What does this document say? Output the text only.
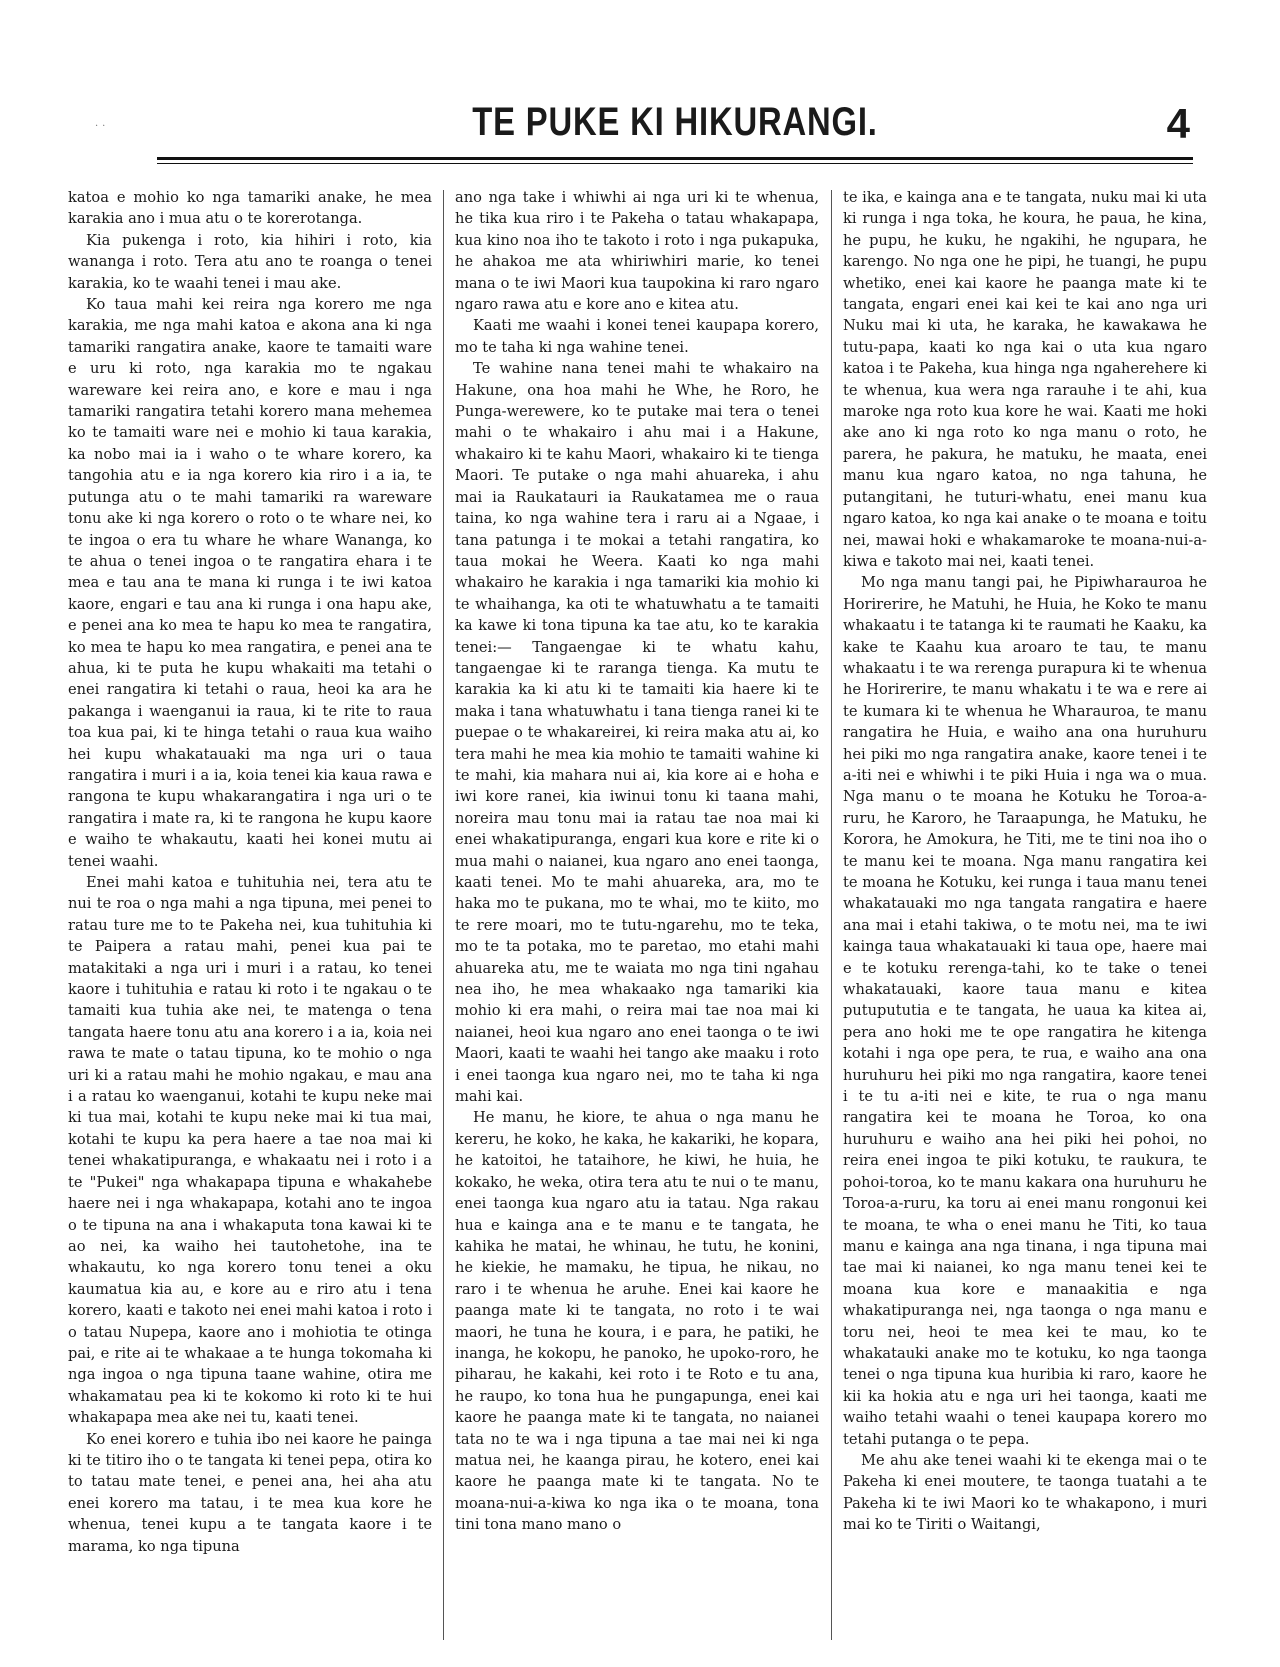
..	TE PUKE KI HIKURANGI.	4

katoa e mohio ko nga tamariki anake, he mea karakia ano i mua atu o te korerotanga.

Kia pukenga i roto, kia hihiri i roto, kia wananga i roto. Tera atu ano te roanga o tenei karakia, ko te waahi tenei i mau ake.

Ko taua mahi kei reira nga korero me nga karakia, me nga mahi katoa e akona ana ki nga tamariki rangatira anake, kaore te tamaiti ware e uru ki roto, nga karakia mo te ngakau wareware kei reira ano, e kore e mau i nga tamariki rangatira tetahi korero mana mehemea ko te tamaiti ware nei e mohio ki taua karakia, ka nobo mai ia i waho o te whare korero, ka tangohia atu e ia nga korero kia riro i a ia, te putunga atu o te mahi tamariki ra wareware tonu ake ki nga korero o roto o te whare nei, ko te ingoa o era tu whare he whare Wananga, ko te ahua o tenei ingoa o te rangatira ehara i te mea e tau ana te mana ki runga i te iwi katoa kaore, engari e tau ana ki runga i ona hapu ake, e penei ana ko mea te hapu ko mea te rangatira, ko mea te hapu ko mea rangatira, e penei ana te ahua, ki te puta he kupu whakaiti ma tetahi o enei rangatira ki tetahi o raua, heoi ka ara he pakanga i waenganui ia raua, ki te rite to raua toa kua pai, ki te hinga tetahi o raua kua waiho hei kupu whakatauaki ma nga uri o taua rangatira i muri i a ia, koia tenei kia kaua rawa e rangona te kupu whakarangatira i nga uri o te rangatira i mate ra, ki te rangona he kupu kaore e waiho te whakautu, kaati hei konei mutu ai tenei waahi.

Enei mahi katoa e tuhituhia nei, tera atu te nui te roa o nga mahi a nga tipuna, mei penei to ratau ture me to te Pakeha nei, kua tuhituhia ki te Paipera a ratau mahi, penei kua pai te matakitaki a nga uri i muri i a ratau, ko tenei kaore i tuhituhia e ratau ki roto i te ngakau o te tamaiti kua tuhia ake nei, te matenga o tena tangata haere tonu atu ana korero i a ia, koia nei rawa te mate o tatau tipuna, ko te mohio o nga uri ki a ratau mahi he mohio ngakau, e mau ana i a ratau ko waenganui, kotahi te kupu neke mai ki tua mai, kotahi te kupu neke mai ki tua mai, kotahi te kupu ka pera haere a tae noa mai ki tenei whakatipuranga, e whakaatu nei i roto i a te "Pukei" nga whakapapa tipuna e whakahebe haere nei i nga whakapapa, kotahi ano te ingoa o te tipuna na ana i whakaputa tona kawai ki te ao nei, ka waiho hei tautohetohe, ina te whakautu, ko nga korero tonu tenei a oku kaumatua kia au, e kore au e riro atu i tena korero, kaati e takoto nei enei mahi katoa i roto i o tatau Nupepa, kaore ano i mohiotia te otinga pai, e rite ai te whakaae a te hunga tokomaha ki nga ingoa o nga tipuna taane wahine, otira me whakamatau pea ki te kokomo ki roto ki te hui whakapapa mea ake nei tu, kaati tenei.

Ko enei korero e tuhia ibo nei kaore he painga ki te titiro iho o te tangata ki tenei pepa, otira ko to tatau mate tenei, e penei ana, hei aha atu enei korero ma tatau, i te mea kua kore he whenua, tenei kupu a te tangata kaore i te marama, ko nga tipuna

ano nga take i whiwhi ai nga uri ki te whenua, he tika kua riro i te Pakeha o tatau whakapapa, kua kino noa iho te takoto i roto i nga pukapuka, he ahakoa me ata whiriwhiri marie, ko tenei mana o te iwi Maori kua taupokina ki raro ngaro ngaro rawa atu e kore ano e kitea atu.

Kaati me waahi i konei tenei kaupapa korero, mo te taha ki nga wahine tenei.

Te wahine nana tenei mahi te whakairo na Hakune, ona hoa mahi he Whe, he Roro, he Punga-werewere, ko te putake mai tera o tenei mahi o te whakairo i ahu mai i a Hakune, whakairo ki te kahu Maori, whakairo ki te tienga Maori. Te putake o nga mahi ahuareka, i ahu mai ia Raukatauri ia Raukatamea me o raua taina, ko nga wahine tera i raru ai a Ngaae, i tana patunga i te mokai a tetahi rangatira, ko taua mokai he Weera. Kaati ko nga mahi whakairo he karakia i nga tamariki kia mohio ki te whaihanga, ka oti te whatuwhatu a te tamaiti ka kawe ki tona tipuna ka tae atu, ko te karakia tenei:— Tangaengae ki te whatu kahu, tangaengae ki te raranga tienga. Ka mutu te karakia ka ki atu ki te tamaiti kia haere ki te maka i tana whatuwhatu i tana tienga ranei ki te puepae o te whakareirei, ki reira maka atu ai, ko tera mahi he mea kia mohio te tamaiti wahine ki te mahi, kia mahara nui ai, kia kore ai e hoha e iwi kore ranei, kia iwinui tonu ki taana mahi, noreira mau tonu mai ia ratau tae noa mai ki enei whakatipuranga, engari kua kore e rite ki o mua mahi o naianei, kua ngaro ano enei taonga, kaati tenei. Mo te mahi ahuareka, ara, mo te haka mo te pukana, mo te whai, mo te kiito, mo te rere moari, mo te tutu-ngarehu, mo te teka, mo te ta potaka, mo te paretao, mo etahi mahi ahuareka atu, me te waiata mo nga tini ngahau nea iho, he mea whakaako nga tamariki kia mohio ki era mahi, o reira mai tae noa mai ki naianei, heoi kua ngaro ano enei taonga o te iwi Maori, kaati te waahi hei tango ake maaku i roto i enei taonga kua ngaro nei, mo te taha ki nga mahi kai.

He manu, he kiore, te ahua o nga manu he kereru, he koko, he kaka, he kakariki, he kopara, he katoitoi, he tataihore, he kiwi, he huia, he kokako, he weka, otira tera atu te nui o te manu, enei taonga kua ngaro atu ia tatau. Nga rakau hua e kainga ana e te manu e te tangata, he kahika he matai, he whinau, he tutu, he konini, he kiekie, he mamaku, he tipua, he nikau, no raro i te whenua he aruhe. Enei kai kaore he paanga mate ki te tangata, no roto i te wai maori, he tuna he koura, i e para, he patiki, he inanga, he kokopu, he panoko, he upoko-roro, he piharau, he kakahi, kei roto i te Roto e tu ana, he raupo, ko tona hua he pungapunga, enei kai kaore he paanga mate ki te tangata, no naianei tata no te wa i nga tipuna a tae mai nei ki nga matua nei, he kaanga pirau, he kotero, enei kai kaore he paanga mate ki te tangata. No te moana-nui-a-kiwa ko nga ika o te moana, tona tini tona mano mano o

te ika, e kainga ana e te tangata, nuku mai ki uta ki runga i nga toka, he koura, he paua, he kina, he pupu, he kuku, he ngakihi, he ngupara, he karengo. No nga one he pipi, he tuangi, he pupu whetiko, enei kai kaore he paanga mate ki te tangata, engari enei kai kei te kai ano nga uri Nuku mai ki uta, he karaka, he kawakawa he tutu-papa, kaati ko nga kai o uta kua ngaro katoa i te Pakeha, kua hinga nga ngaherehere ki te whenua, kua wera nga rarauhe i te ahi, kua maroke nga roto kua kore he wai. Kaati me hoki ake ano ki nga roto ko nga manu o roto, he parera, he pakura, he matuku, he maata, enei manu kua ngaro katoa, no nga tahuna, he putangitani, he tuturi-whatu, enei manu kua ngaro katoa, ko nga kai anake o te moana e toitu nei, mawai hoki e whakamaroke te moana-nui-a-kiwa e takoto mai nei, kaati tenei.

Mo nga manu tangi pai, he Pipiwharauroa he Horirerire, he Matuhi, he Huia, he Koko te manu whakaatu i te tatanga ki te raumati he Kaaku, ka kake te Kaahu kua aroaro te tau, te manu whakaatu i te wa rerenga purapura ki te whenua he Horirerire, te manu whakatu i te wa e rere ai te kumara ki te whenua he Wharauroa, te manu rangatira he Huia, e waiho ana ona huruhuru hei piki mo nga rangatira anake, kaore tenei i te a-iti nei e whiwhi i te piki Huia i nga wa o mua. Nga manu o te moana he Kotuku he Toroa-a-ruru, he Karoro, he Taraapunga, he Matuku, he Korora, he Amokura, he Titi, me te tini noa iho o te manu kei te moana. Nga manu rangatira kei te moana he Kotuku, kei runga i taua manu tenei whakatauaki mo nga tangata rangatira e haere ana mai i etahi takiwa, o te motu nei, ma te iwi kainga taua whakatauaki ki taua ope, haere mai e te kotuku rerenga-tahi, ko te take o tenei whakatauaki, kaore taua manu e kitea putupututia e te tangata, he uaua ka kitea ai, pera ano hoki me te ope rangatira he kitenga kotahi i nga ope pera, te rua, e waiho ana ona huruhuru hei piki mo nga rangatira, kaore tenei i te tu a-iti nei e kite, te rua o nga manu rangatira kei te moana he Toroa, ko ona huruhuru e waiho ana hei piki hei pohoi, no reira enei ingoa te piki kotuku, te raukura, te pohoi-toroa, ko te manu kakara ona huruhuru he Toroa-a-ruru, ka toru ai enei manu rongonui kei te moana, te wha o enei manu he Titi, ko taua manu e kainga ana nga tinana, i nga tipuna mai tae mai ki naianei, ko nga manu tenei kei te moana kua kore e manaakitia e nga whakatipuranga nei, nga taonga o nga manu e toru nei, heoi te mea kei te mau, ko te whakatauki anake mo te kotuku, ko nga taonga tenei o nga tipuna kua huribia ki raro, kaore he kii ka hokia atu e nga uri hei taonga, kaati me waiho tetahi waahi o tenei kaupapa korero mo tetahi putanga o te pepa.

Me ahu ake tenei waahi ki te ekenga mai o te Pakeha ki enei moutere, te taonga tuatahi a te Pakeha ki te iwi Maori ko te whakapono, i muri mai ko te Tiriti o Waitangi,
